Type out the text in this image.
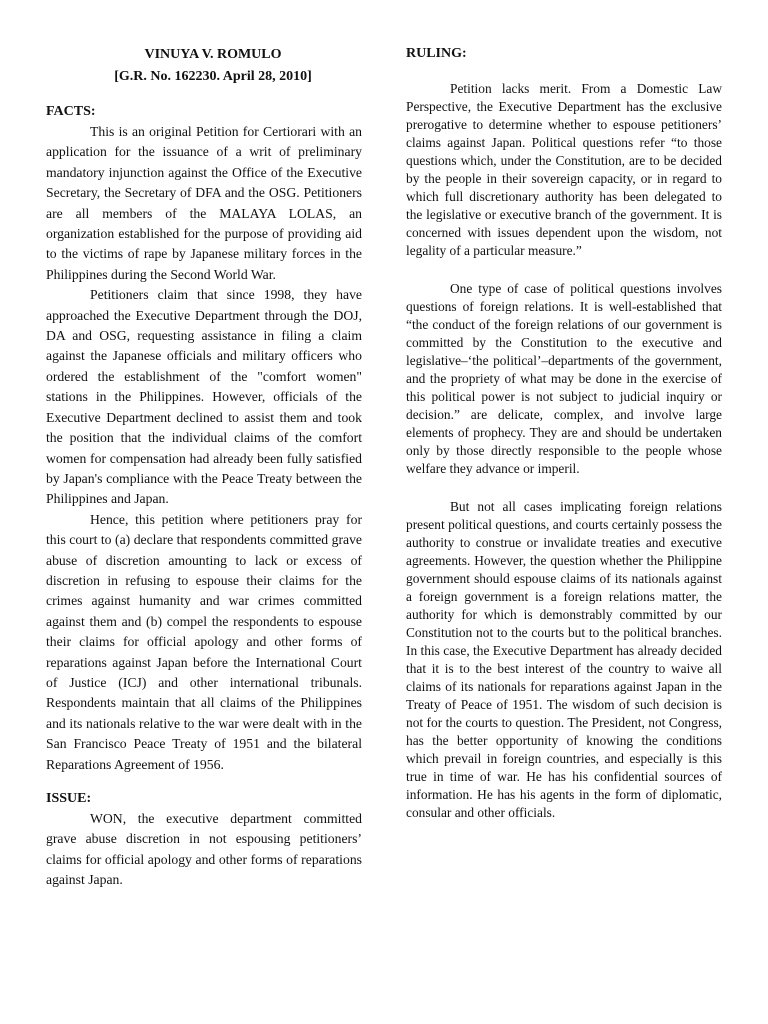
VINUYA V. ROMULO
[G.R. No. 162230. April 28, 2010]
FACTS:

This is an original Petition for Certiorari with an application for the issuance of a writ of preliminary mandatory injunction against the Office of the Executive Secretary, the Secretary of DFA and the OSG. Petitioners are all members of the MALAYA LOLAS, an organization established for the purpose of providing aid to the victims of rape by Japanese military forces in the Philippines during the Second World War.

Petitioners claim that since 1998, they have approached the Executive Department through the DOJ, DA and OSG, requesting assistance in filing a claim against the Japanese officials and military officers who ordered the establishment of the "comfort women" stations in the Philippines. However, officials of the Executive Department declined to assist them and took the position that the individual claims of the comfort women for compensation had already been fully satisfied by Japan's compliance with the Peace Treaty between the Philippines and Japan.

Hence, this petition where petitioners pray for this court to (a) declare that respondents committed grave abuse of discretion amounting to lack or excess of discretion in refusing to espouse their claims for the crimes against humanity and war crimes committed against them and (b) compel the respondents to espouse their claims for official apology and other forms of reparations against Japan before the International Court of Justice (ICJ) and other international tribunals. Respondents maintain that all claims of the Philippines and its nationals relative to the war were dealt with in the San Francisco Peace Treaty of 1951 and the bilateral Reparations Agreement of 1956.

ISSUE:

WON, the executive department committed grave abuse discretion in not espousing petitioners’ claims for official apology and other forms of reparations against Japan.

RULING:

Petition lacks merit. From a Domestic Law Perspective, the Executive Department has the exclusive prerogative to determine whether to espouse petitioners’ claims against Japan. Political questions refer “to those questions which, under the Constitution, are to be decided by the people in their sovereign capacity, or in regard to which full discretionary authority has been delegated to the legislative or executive branch of the government. It is concerned with issues dependent upon the wisdom, not legality of a particular measure.”

One type of case of political questions involves questions of foreign relations. It is well-established that “the conduct of the foreign relations of our government is committed by the Constitution to the executive and legislative–‘the political’–departments of the government, and the propriety of what may be done in the exercise of this political power is not subject to judicial inquiry or decision.” are delicate, complex, and involve large elements of prophecy. They are and should be undertaken only by those directly responsible to the people whose welfare they advance or imperil.

But not all cases implicating foreign relations present political questions, and courts certainly possess the authority to construe or invalidate treaties and executive agreements. However, the question whether the Philippine government should espouse claims of its nationals against a foreign government is a foreign relations matter, the authority for which is demonstrably committed by our Constitution not to the courts but to the political branches. In this case, the Executive Department has already decided that it is to the best interest of the country to waive all claims of its nationals for reparations against Japan in the Treaty of Peace of 1951. The wisdom of such decision is not for the courts to question. The President, not Congress, has the better opportunity of knowing the conditions which prevail in foreign countries, and especially is this true in time of war. He has his confidential sources of information. He has his agents in the form of diplomatic, consular and other officials.
